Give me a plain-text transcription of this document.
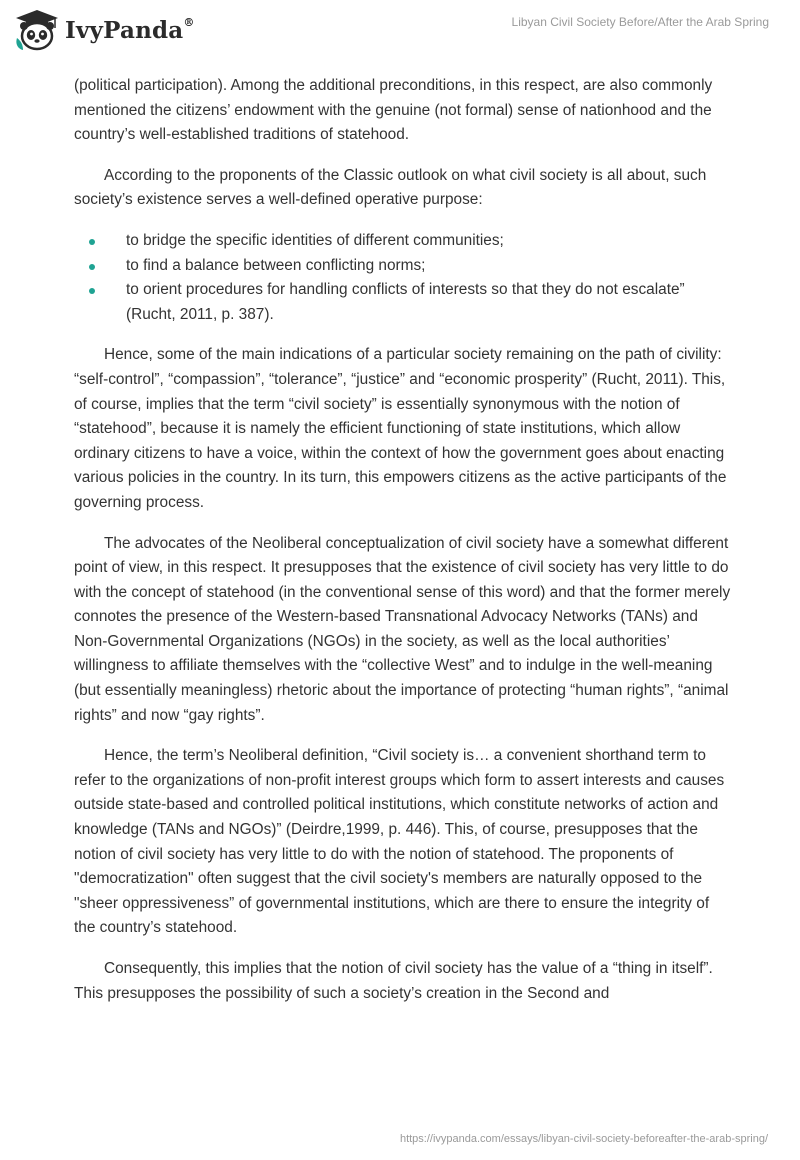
IvyPanda®	Libyan Civil Society Before/After the Arab Spring

(political participation). Among the additional preconditions, in this respect, are also commonly mentioned the citizens’ endowment with the genuine (not formal) sense of nationhood and the country’s well-established traditions of statehood.

According to the proponents of the Classic outlook on what civil society is all about, such society’s existence serves a well-defined operative purpose:

to bridge the specific identities of different communities;
to find a balance between conflicting norms;
to orient procedures for handling conflicts of interests so that they do not escalate” (Rucht, 2011, p. 387).

Hence, some of the main indications of a particular society remaining on the path of civility: “self-control”, “compassion”, “tolerance”, “justice” and “economic prosperity” (Rucht, 2011). This, of course, implies that the term “civil society” is essentially synonymous with the notion of “statehood”, because it is namely the efficient functioning of state institutions, which allow ordinary citizens to have a voice, within the context of how the government goes about enacting various policies in the country. In its turn, this empowers citizens as the active participants of the governing process.

The advocates of the Neoliberal conceptualization of civil society have a somewhat different point of view, in this respect. It presupposes that the existence of civil society has very little to do with the concept of statehood (in the conventional sense of this word) and that the former merely connotes the presence of the Western-based Transnational Advocacy Networks (TANs) and Non-Governmental Organizations (NGOs) in the society, as well as the local authorities’ willingness to affiliate themselves with the “collective West” and to indulge in the well-meaning (but essentially meaningless) rhetoric about the importance of protecting “human rights”, “animal rights” and now “gay rights”.

Hence, the term’s Neoliberal definition, “Civil society is… a convenient shorthand term to refer to the organizations of non-profit interest groups which form to assert interests and causes outside state-based and controlled political institutions, which constitute networks of action and knowledge (TANs and NGOs)” (Deirdre,1999, p. 446). This, of course, presupposes that the notion of civil society has very little to do with the notion of statehood. The proponents of "democratization" often suggest that the civil society's members are naturally opposed to the "sheer oppressiveness” of governmental institutions, which are there to ensure the integrity of the country’s statehood.

Consequently, this implies that the notion of civil society has the value of a “thing in itself”. This presupposes the possibility of such a society’s creation in the Second and

https://ivypanda.com/essays/libyan-civil-society-beforeafter-the-arab-spring/
